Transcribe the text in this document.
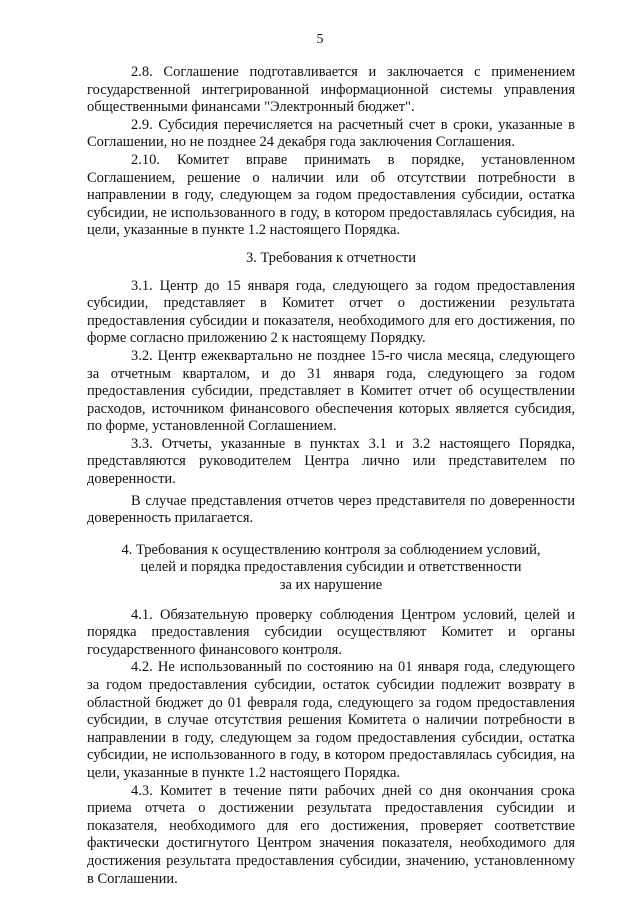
5

2.8. Соглашение подготавливается и заключается с применением государственной интегрированной информационной системы управления общественными финансами "Электронный бюджет".

2.9. Субсидия перечисляется на расчетный счет в сроки, указанные в Соглашении, но не позднее 24 декабря года заключения Соглашения.

2.10. Комитет вправе принимать в порядке, установленном Соглашением, решение о наличии или об отсутствии потребности в направлении в году, следующем за годом предоставления субсидии, остатка субсидии, не использованного в году, в котором предоставлялась субсидия, на цели, указанные в пункте 1.2 настоящего Порядка.

3. Требования к отчетности

3.1. Центр до 15 января года, следующего за годом предоставления субсидии, представляет в Комитет отчет о достижении результата предоставления субсидии и показателя, необходимого для его достижения, по форме согласно приложению 2 к настоящему Порядку.

3.2. Центр ежеквартально не позднее 15-го числа месяца, следующего за отчетным кварталом, и до 31 января года, следующего за годом предоставления субсидии, представляет в Комитет отчет об осуществлении расходов, источником финансового обеспечения которых является субсидия, по форме, установленной Соглашением.

3.3. Отчеты, указанные в пунктах 3.1 и 3.2 настоящего Порядка, представляются руководителем Центра лично или представителем по доверенности.

В случае представления отчетов через представителя по доверенности доверенность прилагается.

4. Требования к осуществлению контроля за соблюдением условий,
целей и порядка предоставления субсидии и ответственности
за их нарушение

4.1. Обязательную проверку соблюдения Центром условий, целей и порядка предоставления субсидии осуществляют Комитет и органы государственного финансового контроля.

4.2. Не использованный по состоянию на 01 января года, следующего за годом предоставления субсидии, остаток субсидии подлежит возврату в областной бюджет до 01 февраля года, следующего за годом предоставления субсидии, в случае отсутствия решения Комитета о наличии потребности в направлении в году, следующем за годом предоставления субсидии, остатка субсидии, не использованного в году, в котором предоставлялась субсидия, на цели, указанные в пункте 1.2 настоящего Порядка.

4.3. Комитет в течение пяти рабочих дней со дня окончания срока приема отчета о достижении результата предоставления субсидии и показателя, необходимого для его достижения, проверяет соответствие фактически достигнутого Центром значения показателя, необходимого для достижения результата предоставления субсидии, значению, установленному в Соглашении.
